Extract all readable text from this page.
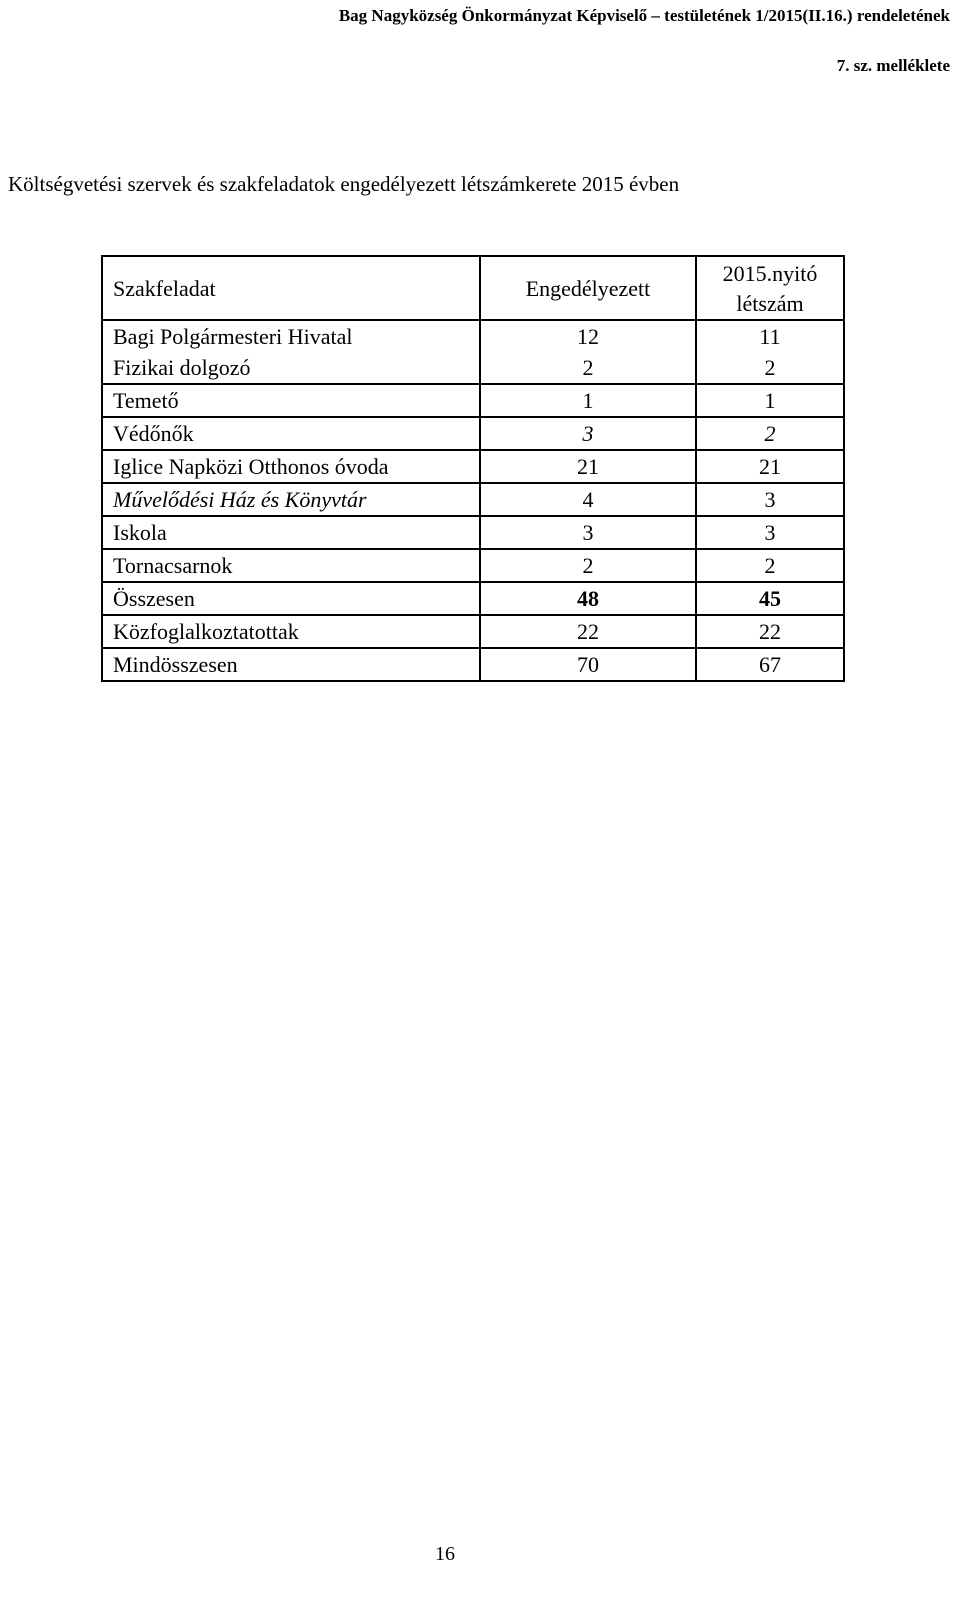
Bag Nagyközség Önkormányzat Képviselő – testületének 1/2015(II.16.) rendeletének
7. sz. melléklete
Költségvetési szervek és szakfeladatok engedélyezett létszámkerete 2015 évben
Szakfeladat	Engedélyezett	2015.nyitó
létszám
Bagi Polgármesteri Hivatal	12	11
Fizikai dolgozó	2	2
Temető	1	1
Védőnők	3	2
Iglice Napközi Otthonos óvoda	21	21
Művelődési Ház és Könyvtár	4	3
Iskola	3	3
Tornacsarnok	2	2
Összesen	48	45
Közfoglalkoztatottak	22	22
Mindösszesen	70	67
16
